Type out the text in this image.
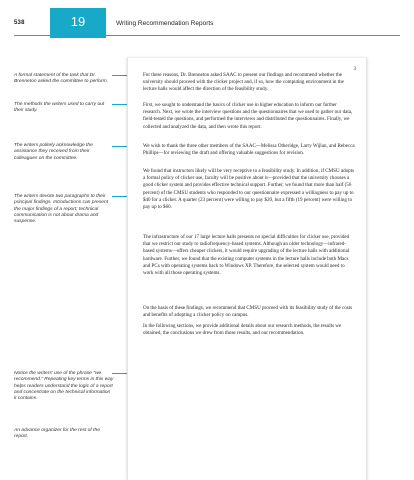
538	19	Writing Recommendation Reports

A formal statement of the task that Dr. Brenneton asked the committee to perform.

The methods the writers used to carry out their study.

The writers politely acknowledge the assistance they received from their colleagues on the committee.

The writers devote two paragraphs to their principal findings. Introductions can present the major findings of a report; technical communication is not about drama and suspense.

Notice the writers' use of the phrase "we recommend." Repeating key terms in this way helps readers understand the logic of a report and concentrate on the technical information it contains.

An advance organizer for the rest of the report.

3

For these reasons, Dr. Brenneton asked SAAC to present our findings and recommend whether the university should proceed with the clicker project and, if so, how the computing environment in the lecture halls would affect the direction of the feasibility study.

First, we sought to understand the basics of clicker use in higher education to inform our further research. Next, we wrote the interview questions and the questionnaires that we used to gather our data, field-tested the questions, and performed the interviews and distributed the questionnaires. Finally, we collected and analyzed the data, and then wrote this report.

We wish to thank the three other members of the SAAC—Melissa Otheridge, Larry Wijlan, and Rebecca Phillips—for reviewing the draft and offering valuable suggestions for revision.

We found that instructors likely will be very receptive to a feasibility study. In addition, if CMSU adopts a formal policy of clicker use, faculty will be positive about it—provided that the university chooses a good clicker system and provides effective technical support. Further, we found that more than half (56 percent) of the CMSU students who responded to our questionnaire expressed a willingness to pay up to $40 for a clicker. A quarter (23 percent) were willing to pay $20, but a fifth (19 percent) were willing to pay up to $60.

The infrastructure of our 17 large lecture halls presents no special difficulties for clicker use, provided that we restrict our study to radiofrequency-based systems. Although an older technology—infrared-based systems—offers cheaper clickers, it would require upgrading of the lecture halls with additional hardware. Further, we found that the existing computer systems in the lecture halls include both Macs and PCs with operating systems back to Windows XP. Therefore, the selected system would need to work with all those operating systems.

On the basis of these findings, we recommend that CMSU proceed with its feasibility study of the costs and benefits of adopting a clicker policy on campus.

In the following sections, we provide additional details about our research methods, the results we obtained, the conclusions we drew from those results, and our recommendation.
